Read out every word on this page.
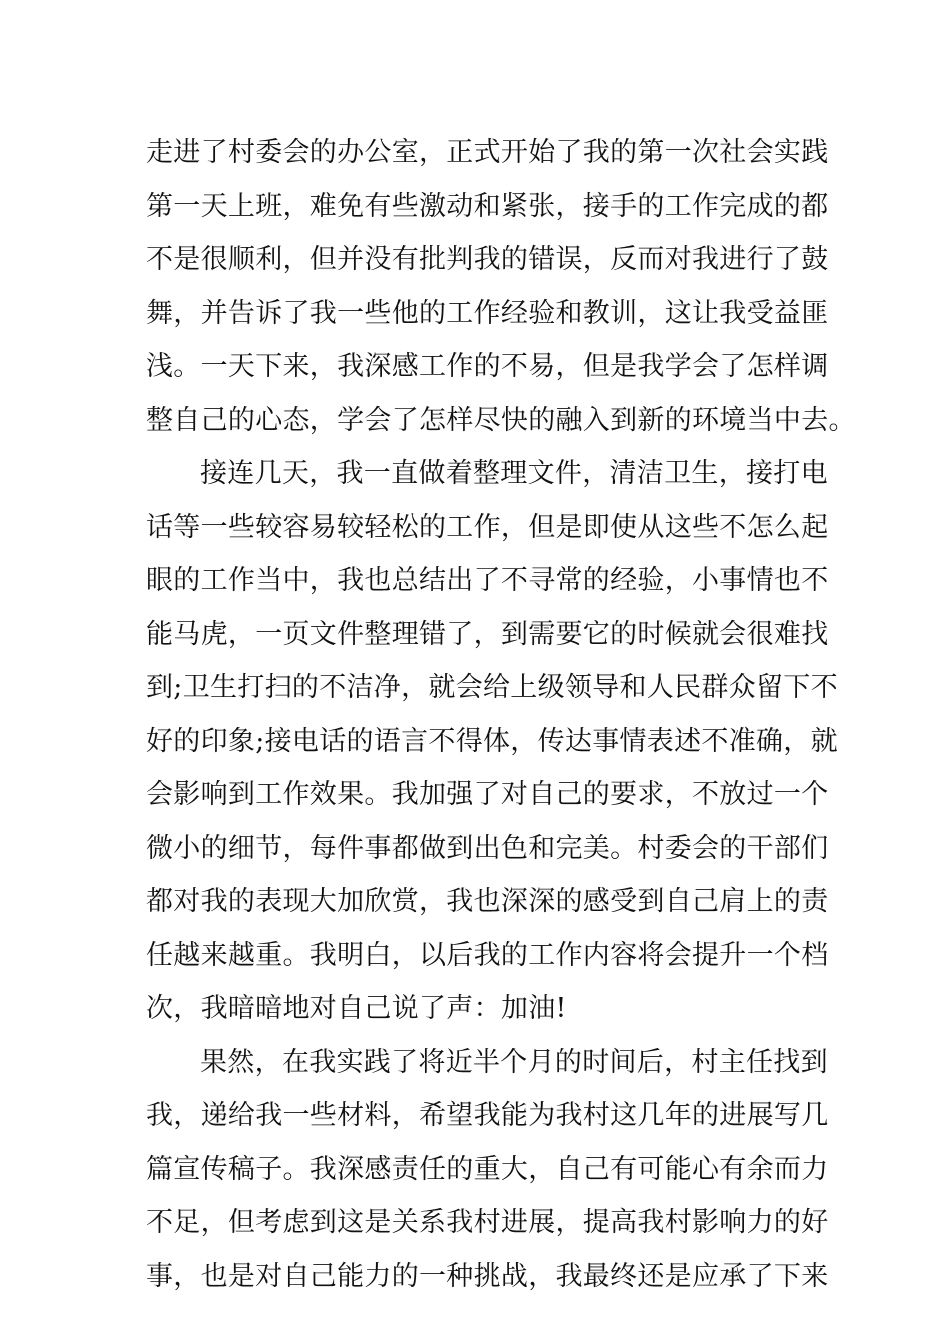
走进了村委会的办公室，正式开始了我的第一次社会实践
第一天上班，难免有些激动和紧张，接手的工作完成的都
不是很顺利，但并没有批判我的错误，反而对我进行了鼓
舞，并告诉了我一些他的工作经验和教训，这让我受益匪
浅。一天下来，我深感工作的不易，但是我学会了怎样调
整自己的心态，学会了怎样尽快的融入到新的环境当中去。
接连几天，我一直做着整理文件，清洁卫生，接打电
话等一些较容易较轻松的工作，但是即使从这些不怎么起
眼的工作当中，我也总结出了不寻常的经验，小事情也不
能马虎，一页文件整理错了，到需要它的时候就会很难找
到;卫生打扫的不洁净，就会给上级领导和人民群众留下不
好的印象;接电话的语言不得体，传达事情表述不准确，就
会影响到工作效果。我加强了对自己的要求，不放过一个
微小的细节，每件事都做到出色和完美。村委会的干部们
都对我的表现大加欣赏，我也深深的感受到自己肩上的责
任越来越重。我明白，以后我的工作内容将会提升一个档
次，我暗暗地对自己说了声：加油!
果然，在我实践了将近半个月的时间后，村主任找到
我，递给我一些材料，希望我能为我村这几年的进展写几
篇宣传稿子。我深感责任的重大，自己有可能心有余而力
不足，但考虑到这是关系我村进展，提高我村影响力的好
事，也是对自己能力的一种挑战，我最终还是应承了下来
